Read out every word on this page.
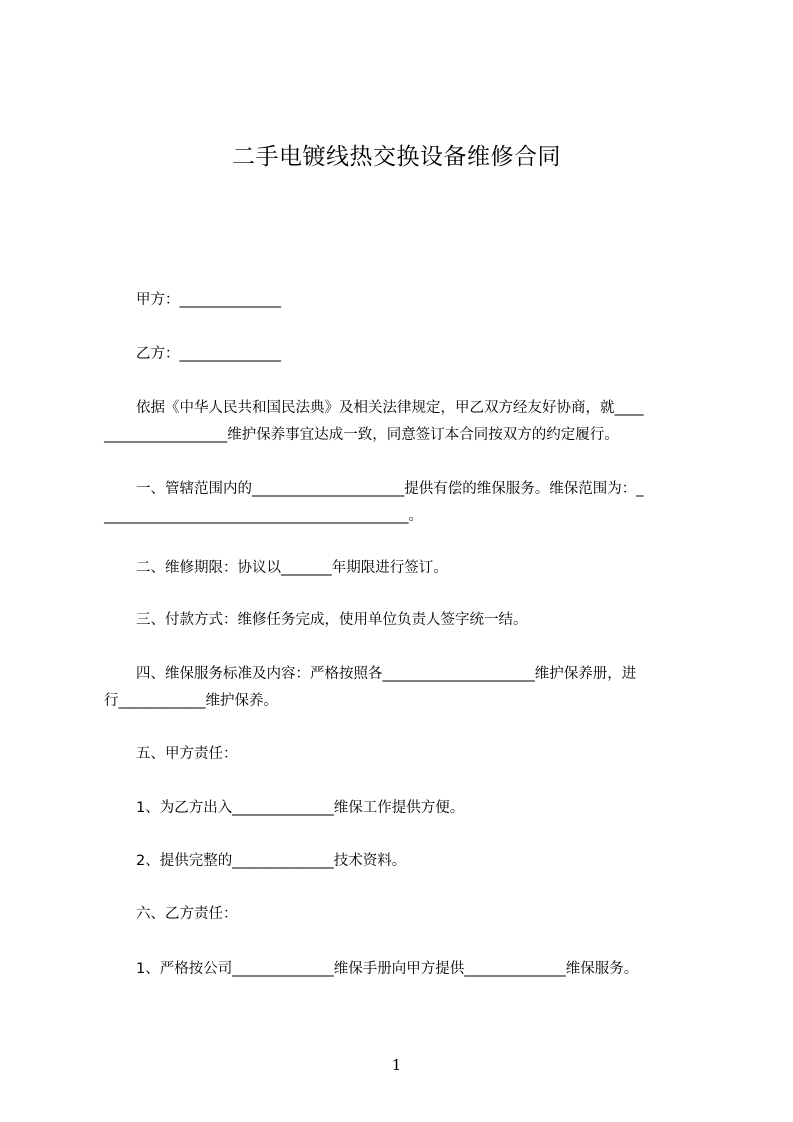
二手电镀线热交换设备维修合同

甲方：______________

乙方：______________

依据《中华人民共和国民法典》及相关法律规定，甲乙双方经友好协商，就____

_________________维护保养事宜达成一致，同意签订本合同按双方的约定履行。

一、管辖范围内的_____________________提供有偿的维保服务。维保范围为：_

__________________________________________。

二、维修期限：协议以_______年期限进行签订。

三、付款方式：维修任务完成，使用单位负责人签字统一结。

四、维保服务标准及内容：严格按照各_____________________维护保养册，进

行____________维护保养。

五、甲方责任：

1、为乙方出入______________维保工作提供方便。

2、提供完整的______________技术资料。

六、乙方责任：

1、严格按公司______________维保手册向甲方提供______________维保服务。

1
